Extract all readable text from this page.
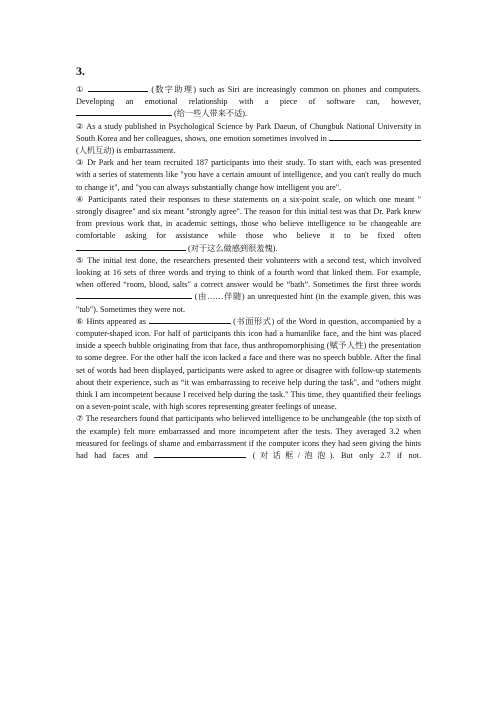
3.

①	(数字助理) such as Siri are increasingly common on phones and computers. Developing an emotional relationship with a piece of software can, however,  (给一些人带来不适).

② As a study published in Psychological Science by Park Daeun, of Chungbuk National University in South Korea and her colleagues, shows, one emotion sometimes involved in  (人机互动) is embarrassment.

③ Dr Park and her team recruited 187 participants into their study. To start with, each was presented with a series of statements like "you have a certain amount of intelligence, and you can't really do much to change it", and "you can always substantially change how intelligent you are".

④ Participants rated their responses to these statements on a six-point scale, on which one meant " strongly disagree" and six meant "strongly agree". The reason for this initial test was that Dr. Park knew from previous work that, in academic settings, those who believe intelligence to be changeable are comfortable asking for assistance while those who believe it to be fixed often  (对于这么做感到很羞愧).

⑤ The initial test done, the researchers presented their volunteers with a second test, which involved looking at 16 sets of three words and trying to think of a fourth word that linked them. For example, when offered “room, blood, salts" a correct answer would be “bath”. Sometimes the first three words  (由……伴随) an unrequested hint (in the example given, this was "tub"). Sometimes they were not.

⑥ Hints appeared as	(书面形式) of the Word in question, accompanied by a computer-shaped icon. For half of participants this icon had a humanlike face, and the hint was placed inside a speech bubble originating from that face, thus anthropomorphising (赋予人性) the presentation to some degree. For the other half the icon lacked a face and there was no speech bubble. After the final set of words had been displayed, participants were asked to agree or disagree with follow-up statements about their experience, such as “it was embarrassing to receive help during the task", and “others might think I am incompetent because I received help during the task." This time, they quantified their feelings on a seven-point scale, with high scores representing greater feelings of unease.

⑦ The researchers found that participants who believed intelligence to be unchangeable (the top sixth of the example) felt more embarrassed and more incompetent after the tests. They averaged 3.2 when measured for feelings of shame and embarrassment if the computer icons they had seen giving the hints had had faces and	(对话框/泡泡). But only 2.7 if not.
